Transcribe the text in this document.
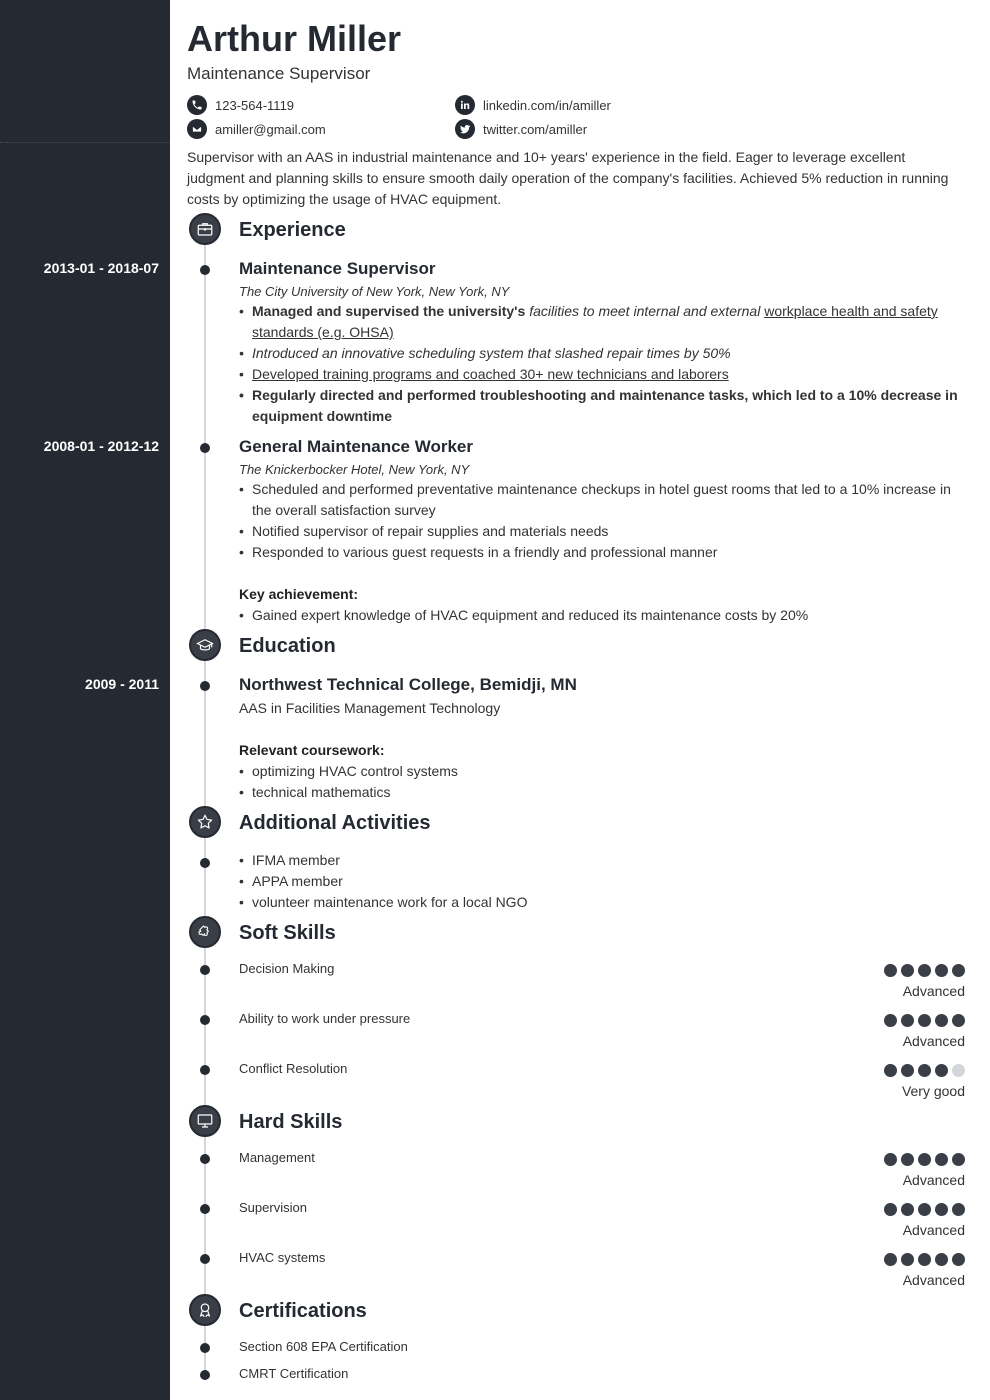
Arthur Miller
Maintenance Supervisor
123-564-1119
amiller@gmail.com
linkedin.com/in/amiller
twitter.com/amiller
Supervisor with an AAS in industrial maintenance and 10+ years' experience in the field. Eager to leverage excellent judgment and planning skills to ensure smooth daily operation of the company's facilities. Achieved 5% reduction in running costs by optimizing the usage of HVAC equipment.
Experience
2013-01 - 2018-07	Maintenance Supervisor
The City University of New York, New York, NY
• Managed and supervised the university's facilities to meet internal and external workplace health and safety standards (e.g. OHSA)
• Introduced an innovative scheduling system that slashed repair times by 50%
• Developed training programs and coached 30+ new technicians and laborers
• Regularly directed and performed troubleshooting and maintenance tasks, which led to a 10% decrease in equipment downtime
2008-01 - 2012-12	General Maintenance Worker
The Knickerbocker Hotel, New York, NY
• Scheduled and performed preventative maintenance checkups in hotel guest rooms that led to a 10% increase in the overall satisfaction survey
• Notified supervisor of repair supplies and materials needs
• Responded to various guest requests in a friendly and professional manner
Key achievement:
• Gained expert knowledge of HVAC equipment and reduced its maintenance costs by 20%
Education
2009 - 2011	Northwest Technical College, Bemidji, MN
AAS in Facilities Management Technology
Relevant coursework:
• optimizing HVAC control systems
• technical mathematics
Additional Activities
• IFMA member
• APPA member
• volunteer maintenance work for a local NGO
Soft Skills
Decision Making
Advanced
Ability to work under pressure
Advanced
Conflict Resolution
Very good
Hard Skills
Management
Advanced
Supervision
Advanced
HVAC systems
Advanced
Certifications
Section 608 EPA Certification
CMRT Certification
